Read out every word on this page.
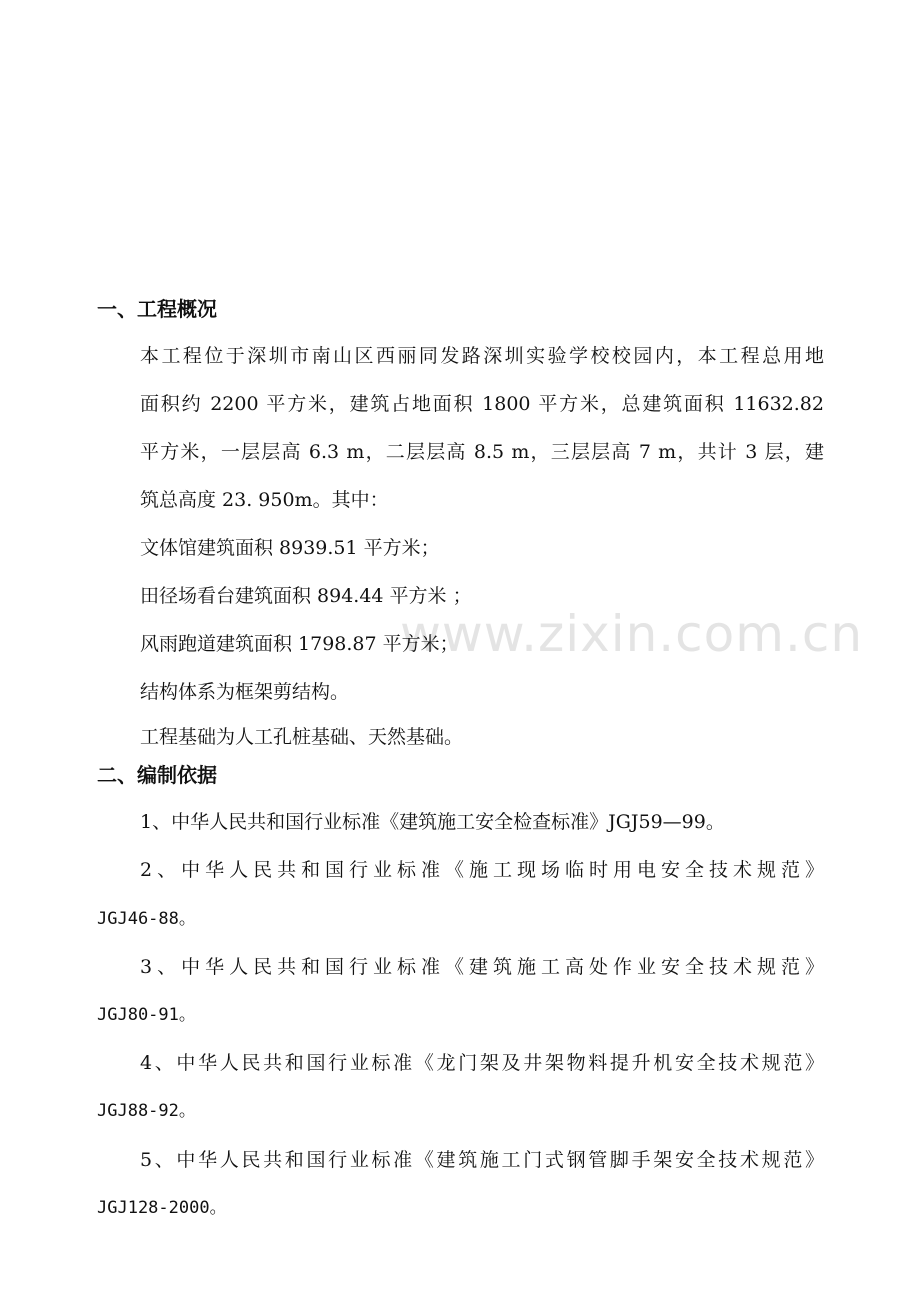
www.zixin.com.cn
一、工程概况
本工程位于深圳市南山区西丽同发路深圳实验学校校园内，本工程总用地
面积约 2200 平方米，建筑占地面积 1800 平方米，总建筑面积 11632.82
平方米，一层层高 6.3 m，二层层高 8.5 m，三层层高 7 m，共计 3 层，建
筑总高度 23. 950m。其中：
文体馆建筑面积 8939.51 平方米；
田径场看台建筑面积 894.44 平方米 ；
风雨跑道建筑面积 1798.87 平方米；
结构体系为框架剪结构。
工程基础为人工孔桩基础、天然基础。
二、编制依据
1、中华人民共和国行业标准《建筑施工安全检查标准》JGJ59—99。
2、中华人民共和国行业标准《施工现场临时用电安全技术规范》
JGJ46-88。
3、中华人民共和国行业标准《建筑施工高处作业安全技术规范》
JGJ80-91。
4、中华人民共和国行业标准《龙门架及井架物料提升机安全技术规范》
JGJ88-92。
5、中华人民共和国行业标准《建筑施工门式钢管脚手架安全技术规范》
JGJ128-2000。
